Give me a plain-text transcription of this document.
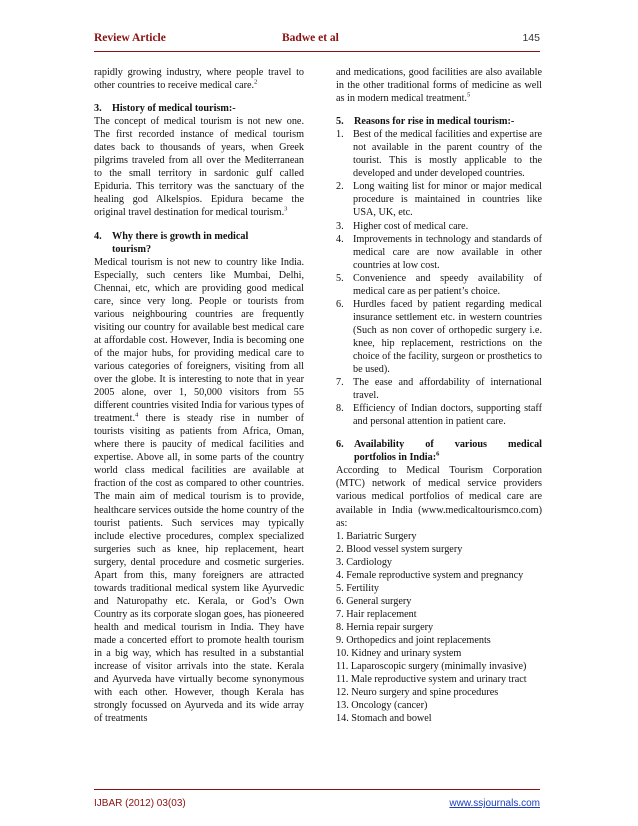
Review Article	Badwe et al	145

rapidly growing industry, where people travel to other countries to receive medical care.$^2$

3. History of medical tourism:-

The concept of medical tourism is not new one. The first recorded instance of medical tourism dates back to thousands of years, when Greek pilgrims traveled from all over the Mediterranean to the small territory in sardonic gulf called Epiduria. This territory was the sanctuary of the healing god Alkelspios. Epidura became the original travel destination for medical tourism.$^3$

4. Why there is growth in medical

tourism?

Medical tourism is not new to country like India. Especially, such centers like Mumbai, Delhi, Chennai, etc, which are providing good medical care, since very long. People or tourists from various neighbouring countries are frequently visiting our country for available best medical care at affordable cost. However, India is becoming one of the major hubs, for providing medical care to various categories of foreigners, visiting from all over the globe. It is interesting to note that in year 2005 alone, over 1, 50,000 visitors from 55 different countries visited India for various types of treatment.$^4$ there is steady rise in number of tourists visiting as patients from Africa, Oman, where there is paucity of medical facilities and expertise. Above all, in some parts of the country world class medical facilities are available at fraction of the cost as compared to other countries. The main aim of medical tourism is to provide, healthcare services outside the home country of the tourist patients. Such services may typically include elective procedures, complex specialized surgeries such as knee, hip replacement, heart surgery, dental procedure and cosmetic surgeries. Apart from this, many foreigners are attracted towards traditional medical system like Ayurvedic and Naturopathy etc. Kerala, or God’s Own Country as its corporate slogan goes, has pioneered health and medical tourism in India. They have made a concerted effort to promote health tourism in a big way, which has resulted in a substantial increase of visitor arrivals into the state. Kerala and Ayurveda have virtually become synonymous with each other. However, though Kerala has strongly focussed on Ayurveda and its wide array of treatments

and medications, good facilities are also available in the other traditional forms of medicine as well as in modern medical treatment.$^5$

5. Reasons for rise in medical tourism:-

1. Best of the medical facilities and expertise are not available in the parent country of the tourist. This is mostly applicable to the developed and under developed countries.
2. Long waiting list for minor or major medical procedure is maintained in countries like USA, UK, etc.
3. Higher cost of medical care.
4. Improvements in technology and standards of medical care are now available in other countries at low cost.
5. Convenience and speedy availability of medical care as per patient’s choice.
6. Hurdles faced by patient regarding medical insurance settlement etc. in western countries (Such as non cover of orthopedic surgery i.e. knee, hip replacement, restrictions on the choice of the facility, surgeon or prosthetics to be used).
7. The ease and affordability of international travel.
8. Efficiency of Indian doctors, supporting staff and personal attention in patient care.

6. Availability of various medical

portfolios in India:$^6$

According to Medical Tourism Corporation (MTC) network of medical service providers various medical portfolios of medical care are available in India (www.medicaltourismco.com) as:

1. Bariatric Surgery
2. Blood vessel system surgery
3. Cardiology
4. Female reproductive system and pregnancy
5. Fertility
6. General surgery
7. Hair replacement
8. Hernia repair surgery
9. Orthopedics and joint replacements
10. Kidney and urinary system
11. Laparoscopic surgery (minimally invasive)
11. Male reproductive system and urinary tract
12. Neuro surgery and spine procedures
13. Oncology (cancer)
14. Stomach and bowel
IJBAR (2012) 03(03)	www.ssjournals.com
